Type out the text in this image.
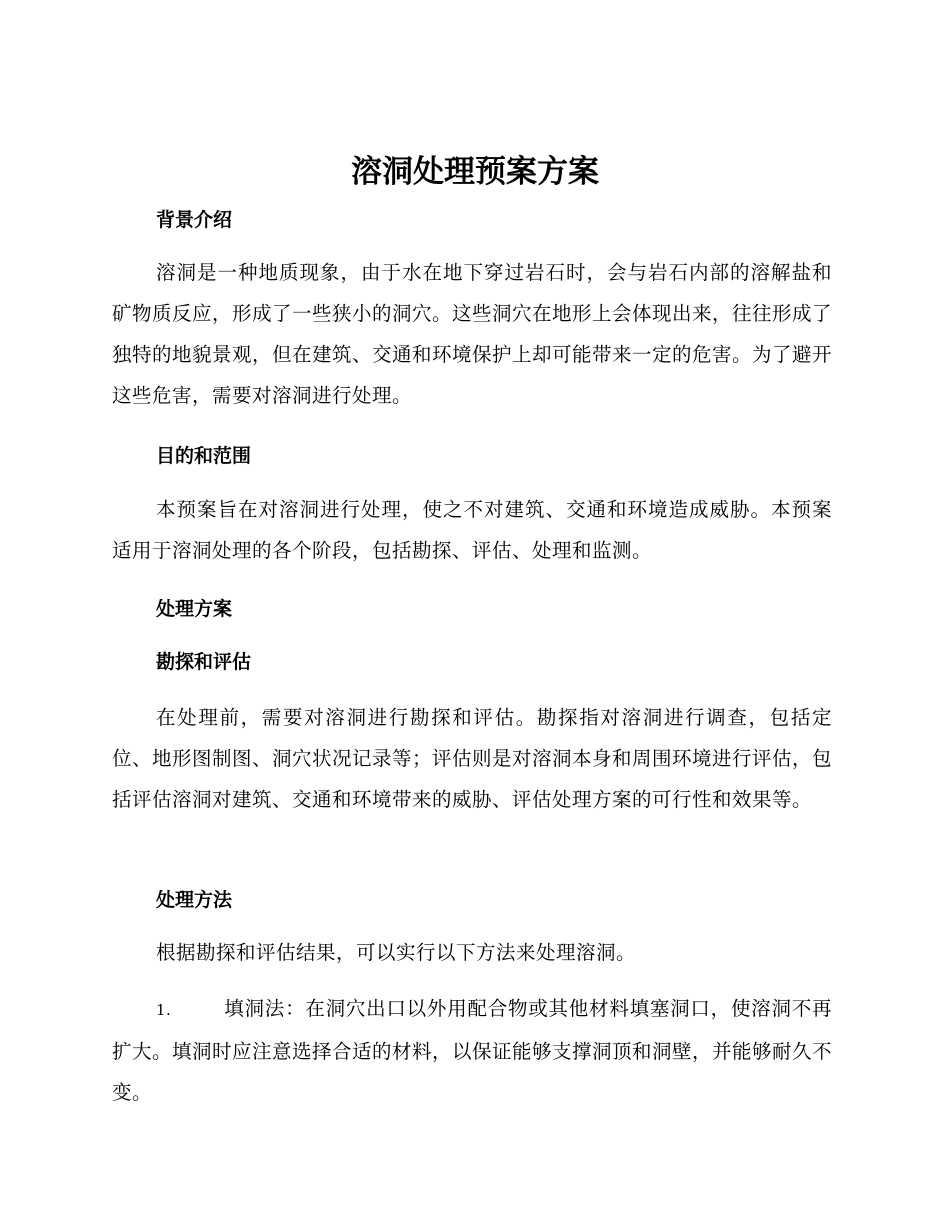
溶洞处理预案方案
背景介绍

溶洞是一种地质现象，由于水在地下穿过岩石时，会与岩石内部的溶解盐和矿物质反应，形成了一些狭小的洞穴。这些洞穴在地形上会体现出来，往往形成了独特的地貌景观，但在建筑、交通和环境保护上却可能带来一定的危害。为了避开这些危害，需要对溶洞进行处理。

目的和范围

本预案旨在对溶洞进行处理，使之不对建筑、交通和环境造成威胁。本预案适用于溶洞处理的各个阶段，包括勘探、评估、处理和监测。

处理方案
勘探和评估

在处理前，需要对溶洞进行勘探和评估。勘探指对溶洞进行调查，包括定位、地形图制图、洞穴状况记录等；评估则是对溶洞本身和周围环境进行评估，包括评估溶洞对建筑、交通和环境带来的威胁、评估处理方案的可行性和效果等。

处理方法

根据勘探和评估结果，可以实行以下方法来处理溶洞。

1.	填洞法：在洞穴出口以外用配合物或其他材料填塞洞口，使溶洞不再扩大。填洞时应注意选择合适的材料，以保证能够支撑洞顶和洞壁，并能够耐久不变。
